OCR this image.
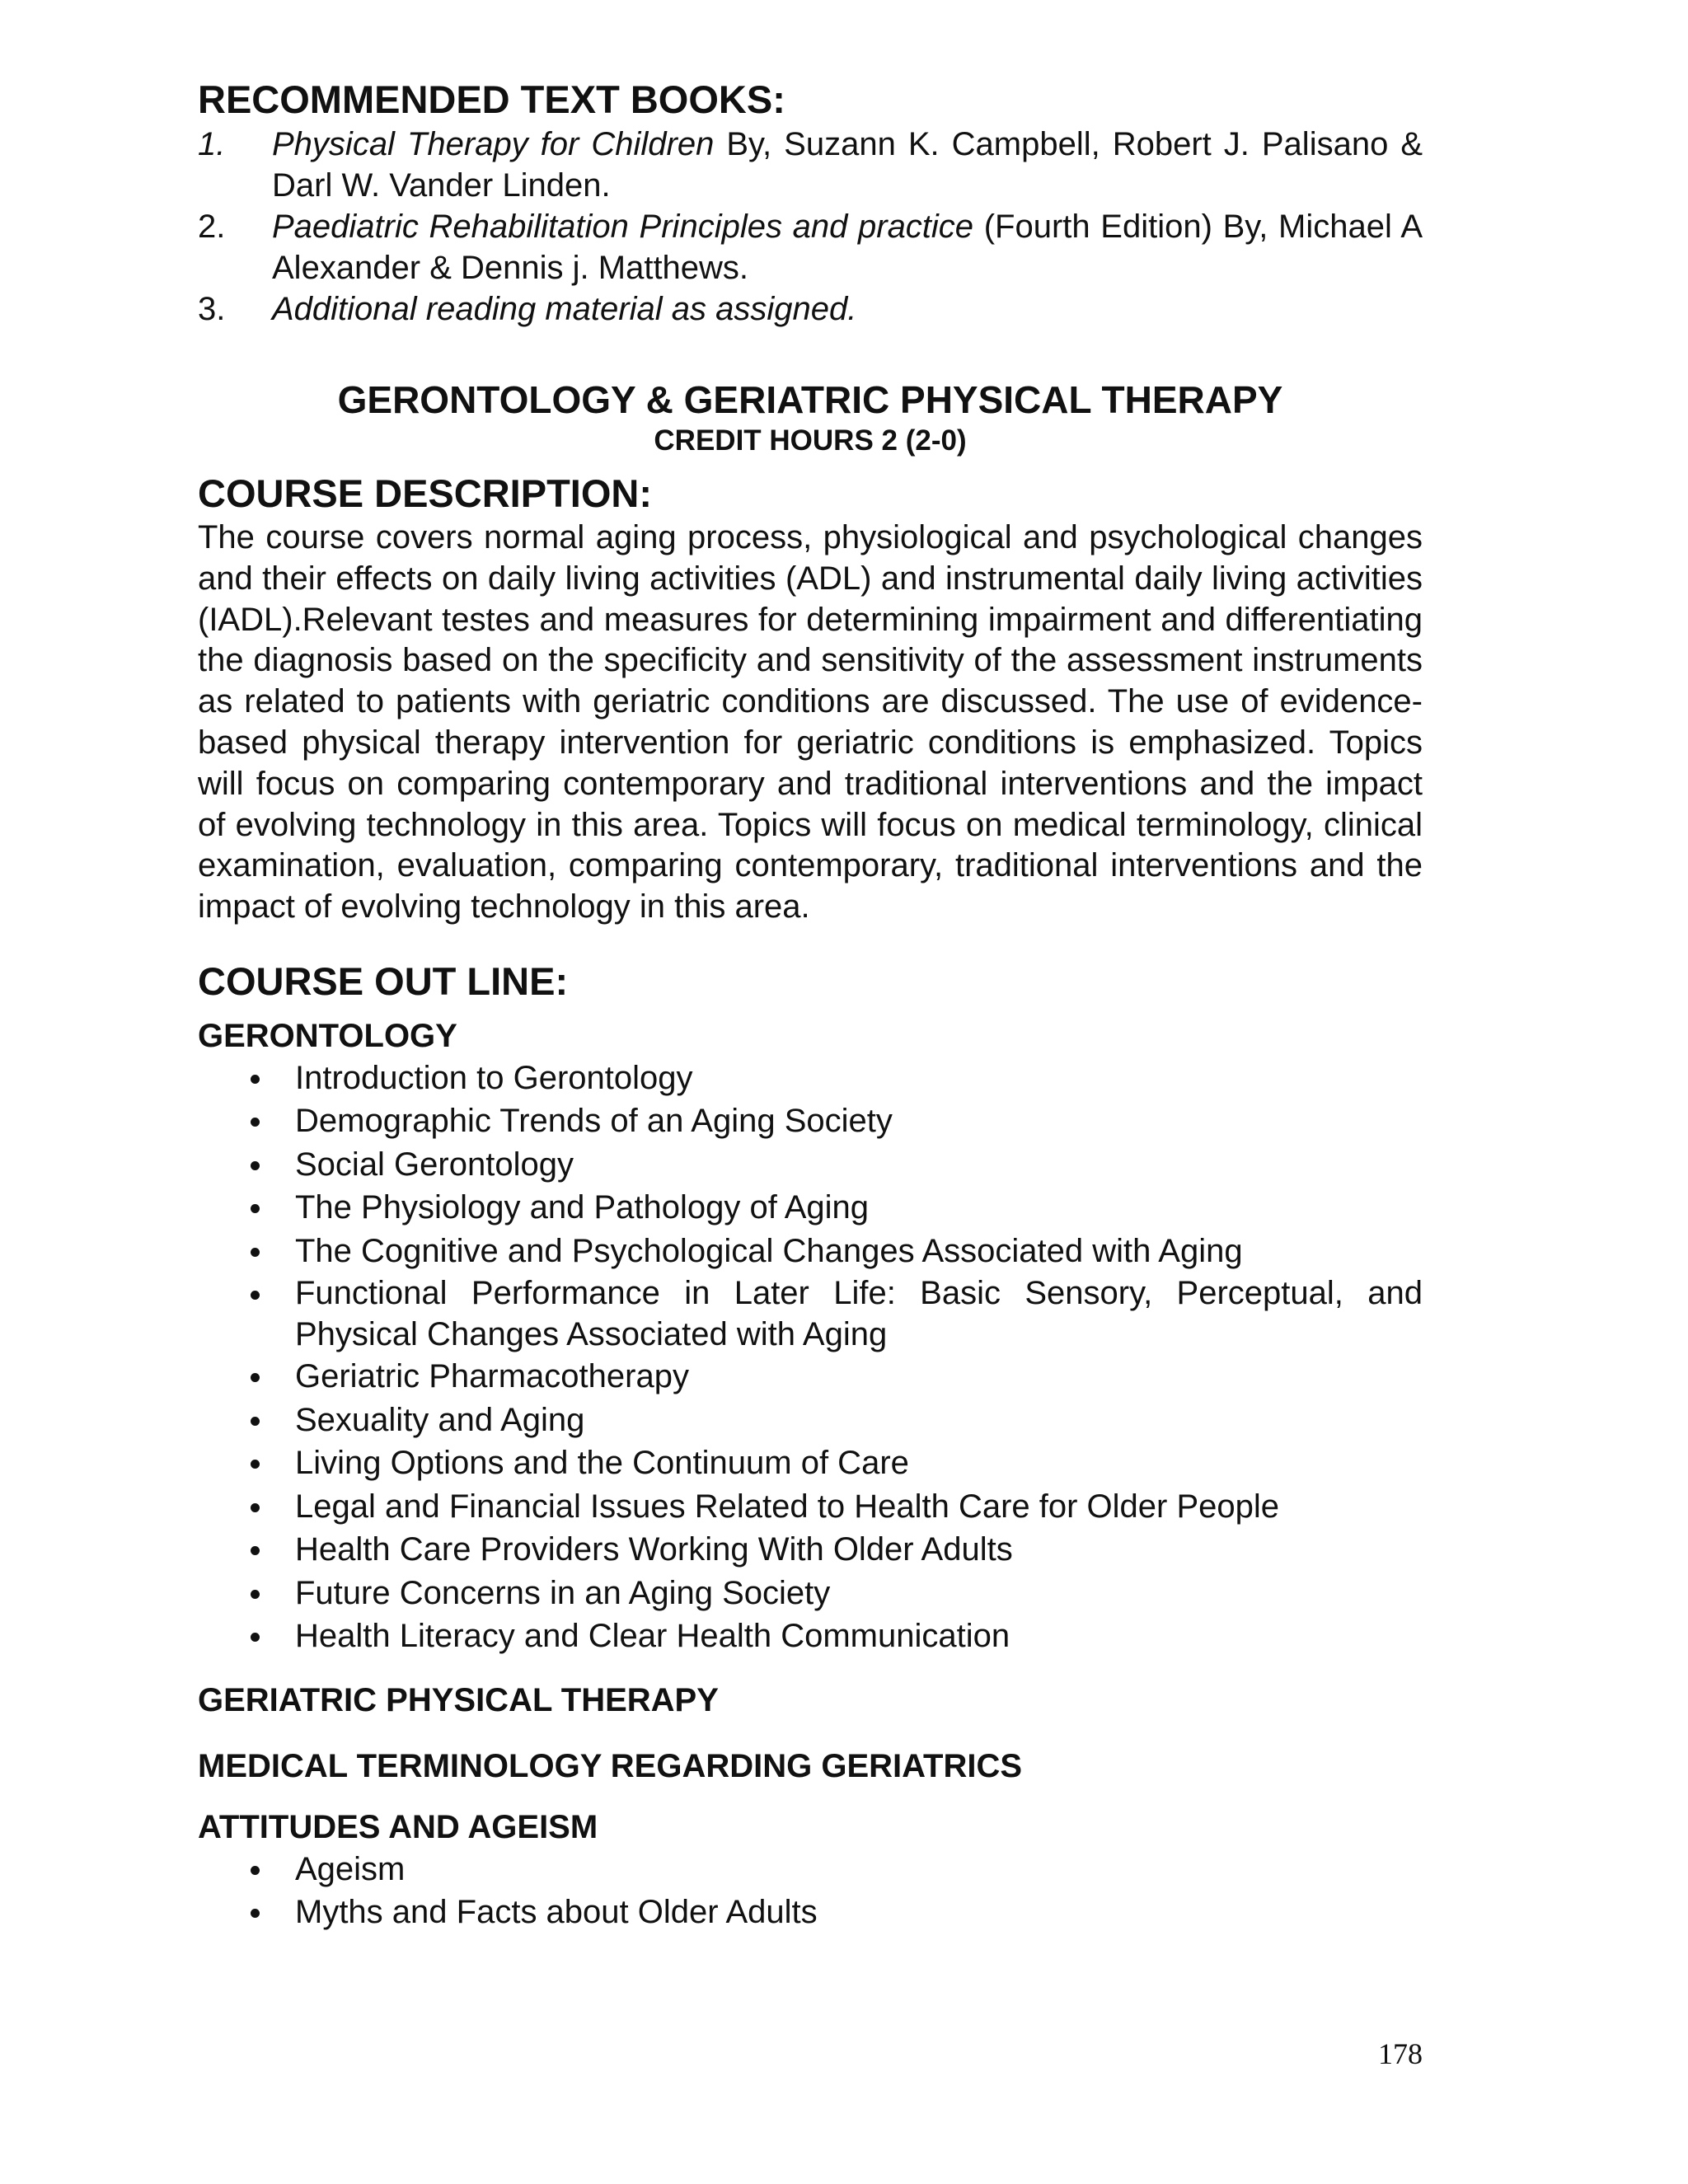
RECOMMENDED TEXT BOOKS:
1.	Physical Therapy for Children By, Suzann K. Campbell, Robert J. Palisano & Darl W. Vander Linden.
2.	Paediatric Rehabilitation Principles and practice (Fourth Edition) By, Michael A Alexander & Dennis j. Matthews.
3.	Additional reading material as assigned.
GERONTOLOGY & GERIATRIC PHYSICAL THERAPY
CREDIT HOURS 2 (2-0)
COURSE DESCRIPTION:

The course covers normal aging process, physiological and psychological changes and their effects on daily living activities (ADL) and instrumental daily living activities (IADL).Relevant testes and measures for determining impairment and differentiating the diagnosis based on the specificity and sensitivity of the assessment instruments as related to patients with geriatric conditions are discussed. The use of evidence-based physical therapy intervention for geriatric conditions is emphasized. Topics will focus on comparing contemporary and traditional interventions and the impact of evolving technology in this area. Topics will focus on medical terminology, clinical examination, evaluation, comparing contemporary, traditional interventions and the impact of evolving technology in this area.

COURSE OUT LINE:
GERONTOLOGY
Introduction to Gerontology
Demographic Trends of an Aging Society
Social Gerontology
The Physiology and Pathology of Aging
The Cognitive and Psychological Changes Associated with Aging
Functional Performance in Later Life: Basic Sensory, Perceptual, and Physical Changes Associated with Aging
Geriatric Pharmacotherapy
Sexuality and Aging
Living Options and the Continuum of Care
Legal and Financial Issues Related to Health Care for Older People
Health Care Providers Working With Older Adults
Future Concerns in an Aging Society
Health Literacy and Clear Health Communication
GERIATRIC PHYSICAL THERAPY
MEDICAL TERMINOLOGY REGARDING GERIATRICS
ATTITUDES AND AGEISM
Ageism
Myths and Facts about Older Adults
178
